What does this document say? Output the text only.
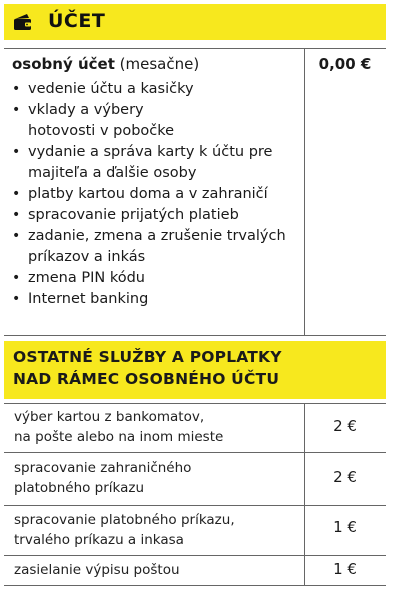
ÚČET
osobný účet (mesačne)	0,00 €
• vedenie účtu a kasičky
• vklady a výbery hotovosti v pobočke
• vydanie a správa karty k účtu pre majiteľa a ďalšie osoby
• platby kartou doma a v zahraničí
• spracovanie prijatých platieb
• zadanie, zmena a zrušenie trvalých príkazov a inkás
• zmena PIN kódu
• Internet banking
OSTATNÉ SLUŽBY A POPLATKY
NAD RÁMEC OSOBNÉHO ÚČTU
výber kartou z bankomatov,
na pošte alebo na inom mieste
2 €
spracovanie zahraničného
platobného príkazu
2 €
spracovanie platobného príkazu,
trvalého príkazu a inkasa
1 €
zasielanie výpisu poštou	1 €
